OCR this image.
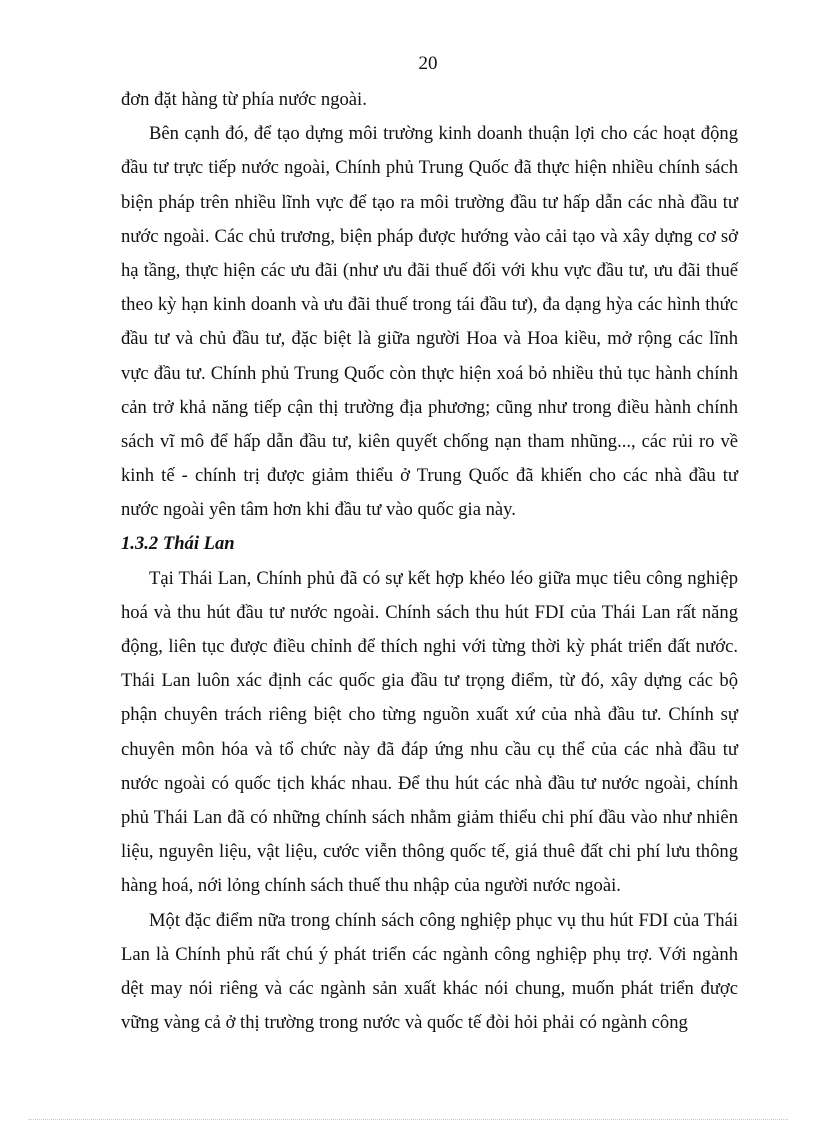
20
đơn đặt hàng từ phía nước ngoài.
Bên cạnh đó, để tạo dựng môi trường kinh doanh thuận lợi cho các hoạt động
đầu tư trực tiếp nước ngoài, Chính phủ Trung Quốc đã thực hiện nhiều chính sách
biện pháp trên nhiều lĩnh vực để tạo ra môi trường đầu tư hấp dẫn các nhà đầu tư
nước ngoài. Các chủ trương, biện pháp được hướng vào cải tạo và xây dựng cơ sở
hạ tầng, thực hiện các ưu đãi (như ưu đãi thuế đối với khu vực đầu tư, ưu đãi thuế
theo kỳ hạn kinh doanh và ưu đãi thuế trong tái đầu tư), đa dạng hỳa các hình thức
đầu tư và chủ đầu tư, đặc biệt là giữa người Hoa và Hoa kiều, mở rộng các lĩnh
vực đầu tư. Chính phủ Trung Quốc còn thực hiện xoá bỏ nhiều thủ tục hành chính
cản trở khả năng tiếp cận thị trường địa phương; cũng như trong điều hành chính
sách vĩ mô để hấp dẫn đầu tư, kiên quyết chống nạn tham nhũng..., các rủi ro về
kinh tế - chính trị được giảm thiểu ở Trung Quốc đã khiến cho các nhà đầu tư
nước ngoài yên tâm hơn khi đầu tư vào quốc gia này.
1.3.2 Thái Lan
Tại Thái Lan, Chính phủ đã có sự kết hợp khéo léo giữa mục tiêu công nghiệp
hoá và thu hút đầu tư nước ngoài. Chính sách thu hút FDI của Thái Lan rất năng
động, liên tục được điều chỉnh để thích nghi với từng thời kỳ phát triển đất nước.
Thái Lan luôn xác định các quốc gia đầu tư trọng điểm, từ đó, xây dựng các bộ
phận chuyên trách riêng biệt cho từng nguồn xuất xứ của nhà đầu tư. Chính sự
chuyên môn hóa và tổ chức này đã đáp ứng nhu cầu cụ thể của các nhà đầu tư
nước ngoài có quốc tịch khác nhau. Để thu hút các nhà đầu tư nước ngoài, chính
phủ Thái Lan đã có những chính sách nhằm giảm thiểu chi phí đầu vào như nhiên
liệu, nguyên liệu, vật liệu, cước viễn thông quốc tế, giá thuê đất chi phí lưu thông
hàng hoá, nới lỏng chính sách thuế thu nhập của người nước ngoài.
Một đặc điểm nữa trong chính sách công nghiệp phục vụ thu hút FDI của Thái
Lan là Chính phủ rất chú ý phát triển các ngành công nghiệp phụ trợ. Với ngành
dệt may nói riêng và các ngành sản xuất khác nói chung, muốn phát triển được
vững vàng cả ở thị trường trong nước và quốc tế đòi hỏi phải có ngành công
